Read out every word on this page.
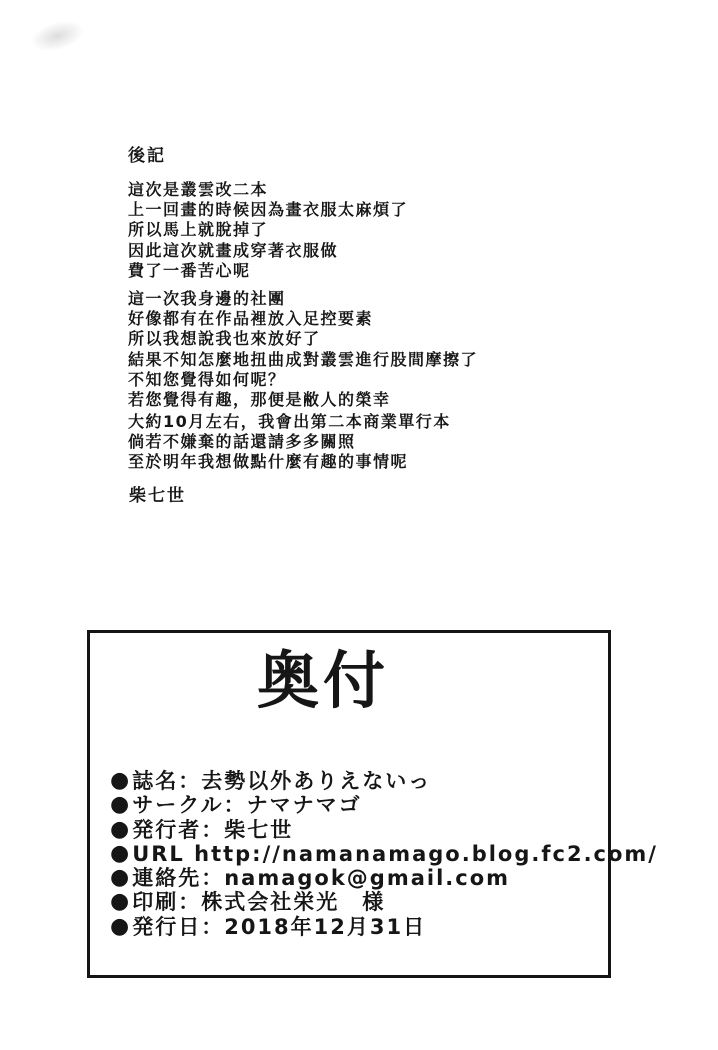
後記
這次是叢雲改二本
上一回畫的時候因為畫衣服太麻煩了
所以馬上就脫掉了
因此這次就畫成穿著衣服做
費了一番苦心呢
這一次我身邊的社團
好像都有在作品裡放入足控要素
所以我想說我也來放好了
結果不知怎麼地扭曲成對叢雲進行股間摩擦了
不知您覺得如何呢？
若您覺得有趣，那便是敝人的榮幸
大約10月左右，我會出第二本商業單行本
倘若不嫌棄的話還請多多關照
至於明年我想做點什麼有趣的事情呢
柴七世
奥付
● 誌名：去勢以外ありえないっ
● サークル：ナマナマゴ
● 発行者：柴七世
● URL http://namanamago.blog.fc2.com/
● 連絡先：namagok@gmail.com
● 印刷：株式会社栄光　様
● 発行日：2018年12月31日
